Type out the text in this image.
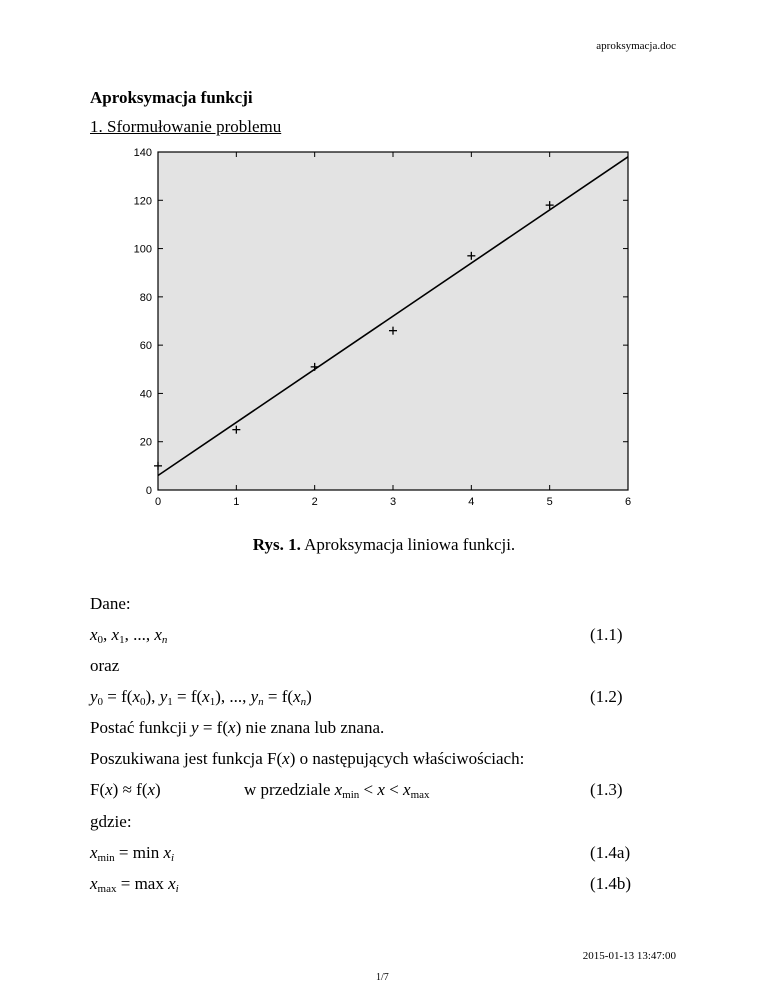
aproksymacja.doc
Aproksymacja funkcji
1. Sformułowanie problemu
0
20
40
60
80
100
120
140
0	1	2	3	4	5	6
Rys. 1. Aproksymacja liniowa funkcji.
Dane:
$x_0$, $x_1$, ..., $x_n$	(1.1)
oraz
$y_0 = f(x_0)$, $y_1 = f(x_1)$, ..., $y_n = f(x_n)$	(1.2)
Postać funkcji y = f(x) nie znana lub znana.
Poszukiwana jest funkcja F(x) o następujących właściwościach:
F(x) ≈ f(x)	w przedziale $x_{min} < x < x_{max}$	(1.3)
gdzie:
$x_{min} = \min x_i$	(1.4a)
$x_{max} = \max x_i$	(1.4b)
2015-01-13 13:47:00
1/7
